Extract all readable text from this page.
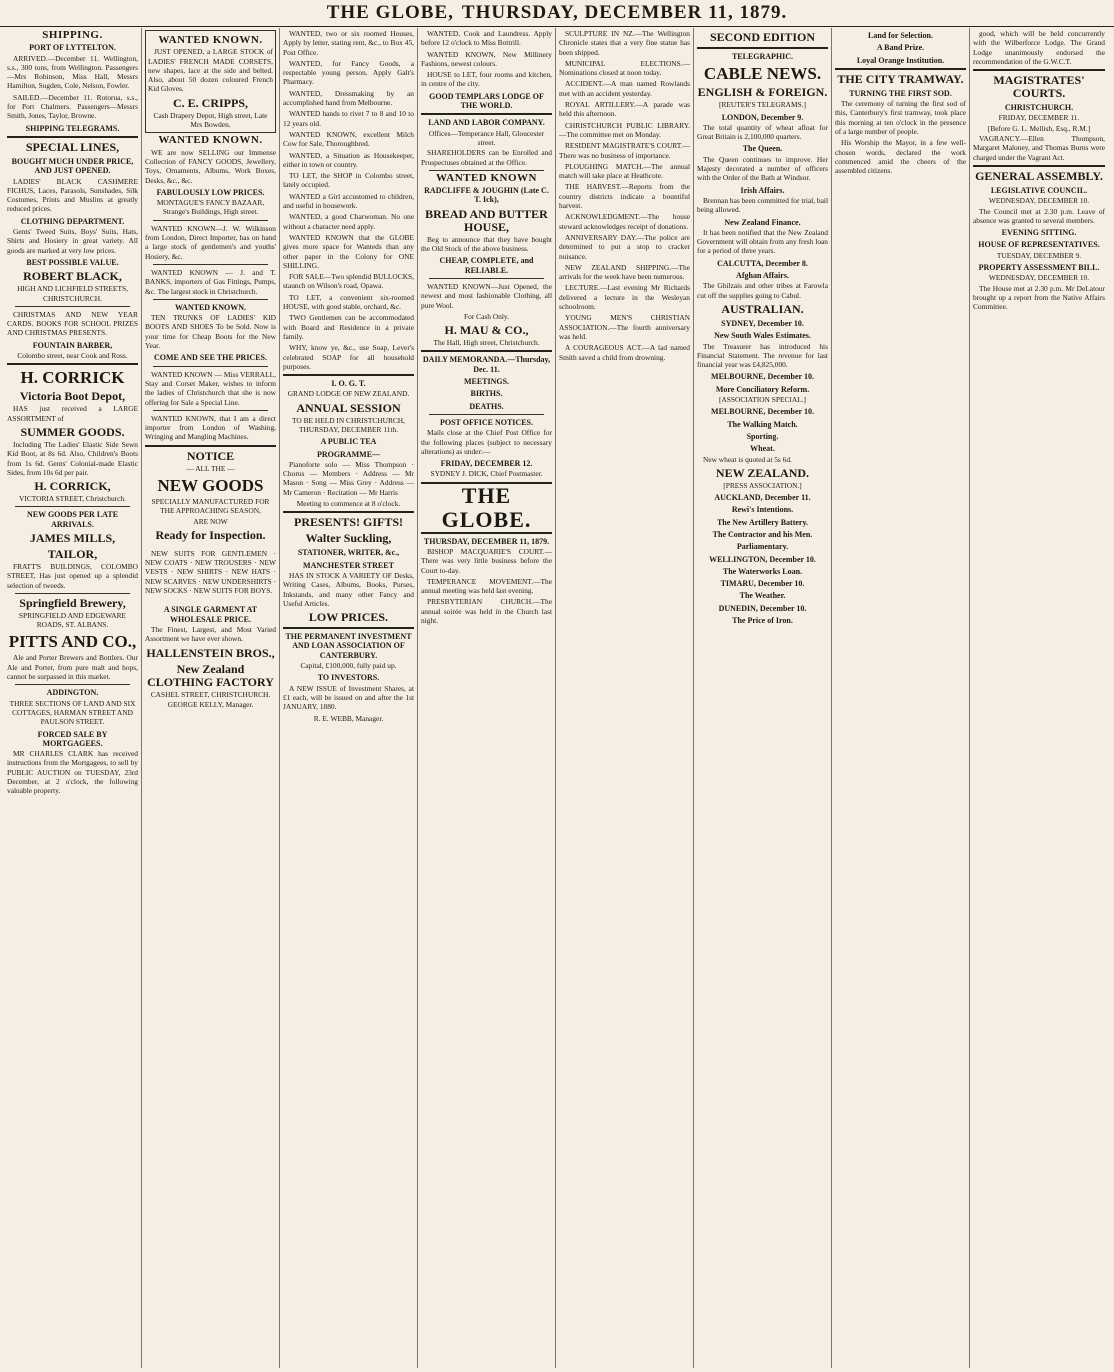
THE GLOBE, THURSDAY, DECEMBER 11, 1879.
SHIPPING.
PORT OF LYTTELTON.

ARRIVED.—December 11. Wellington, s.s., 300 tons, from Wellington. Passengers—Mrs Robinson, Miss Hall, Messrs Hamilton, Sugden, Cole, Nelson, Fowler.

SAILED.—December 11. Rotorua, s.s., for Port Chalmers. Passengers—Messrs Smith, Jones, Taylor, Browne.

SHIPPING TELEGRAMS.
SPECIAL LINES,
BOUGHT MUCH UNDER PRICE, AND JUST OPENED.

LADIES' BLACK CASHMERE FICHUS, Laces, Parasols, Sunshades, Silk Costumes, Prints and Muslins at greatly reduced prices.

CLOTHING DEPARTMENT.

Gents' Tweed Suits, Boys' Suits, Hats, Shirts and Hosiery in great variety. All goods are marked at very low prices.

BEST POSSIBLE VALUE.
ROBERT BLACK,
HIGH AND LICHFIELD STREETS, CHRISTCHURCH.

CHRISTMAS AND NEW YEAR CARDS. BOOKS FOR SCHOOL PRIZES AND CHRISTMAS PRESENTS.

FOUNTAIN BARBER,
Colombo street, near Cook and Ross.
H. CORRICK
Victoria Boot Depot,

HAS just received a LARGE ASSORTMENT of

SUMMER GOODS.

Including The Ladies' Elastic Side Sewn Kid Boot, at 8s 6d. Also, Children's Boots from 1s 6d. Gents' Colonial-made Elastic Sides, from 10s 6d per pair.

H. CORRICK,
VICTORIA STREET, Christchurch.
NEW GOODS PER LATE ARRIVALS.
JAMES MILLS,
TAILOR,

FRATT'S BUILDINGS, COLOMBO STREET, Has just opened up a splendid selection of tweeds.

Springfield Brewery,
SPRINGFIELD AND EDGEWARE ROADS, ST. ALBANS.
PITTS AND CO.,

Ale and Porter Brewers and Bottlers. Our Ale and Porter, from pure malt and hops, cannot be surpassed in this market.

ADDINGTON.
THREE SECTIONS OF LAND AND SIX COTTAGES, HARMAN STREET AND PAULSON STREET.
FORCED SALE BY MORTGAGEES.

MR CHARLES CLARK has received instructions from the Mortgagees, to sell by PUBLIC AUCTION on TUESDAY, 23rd December, at 2 o'clock, the following valuable property.

WANTED KNOWN.

JUST OPENED, a LARGE STOCK of LADIES' FRENCH MADE CORSETS, new shapes, lace at the side and belted. Also, about 50 dozen coloured French Kid Gloves.

C. E. CRIPPS,
Cash Drapery Depot, High street, Late Mrs Bowden.
WANTED KNOWN.

WE are now SELLING our Immense Collection of FANCY GOODS, Jewellery, Toys, Ornaments, Albums, Work Boxes, Desks, &c., &c.

FABULOUSLY LOW PRICES.
MONTAGUE'S FANCY BAZAAR, Strange's Buildings, High street.

WANTED KNOWN—J. W. Wilkinson from London, Direct Importer, has on hand a large stock of gentlemen's and youths' Hosiery, &c.

WANTED KNOWN — J. and T. BANKS, importers of Gas Fittings, Pumps, &c. The largest stock in Christchurch.

WANTED KNOWN.

TEN TRUNKS OF LADIES' KID BOOTS AND SHOES To be Sold. Now is your time for Cheap Boots for the New Year.

COME AND SEE THE PRICES.

WANTED KNOWN — Miss VERRALL, Stay and Corset Maker, wishes to inform the ladies of Christchurch that she is now offering for Sale a Special Line.

WANTED KNOWN, that I am a direct importer from London of Washing, Wringing and Mangling Machines.

NOTICE
— ALL THE —
NEW GOODS
SPECIALLY MANUFACTURED FOR THE APPROACHING SEASON,
ARE NOW
Ready for Inspection.

NEW SUITS FOR GENTLEMEN · NEW COATS · NEW TROUSERS · NEW VESTS · NEW SHIRTS · NEW HATS · NEW SCARVES · NEW UNDERSHIRTS · NEW SOCKS · NEW SUITS FOR BOYS.

A SINGLE GARMENT AT WHOLESALE PRICE.

The Finest, Largest, and Most Varied Assortment we have ever shown.

HALLENSTEIN BROS.,
New Zealand CLOTHING FACTORY
CASHEL STREET, CHRISTCHURCH.
GEORGE KELLY, Manager.

WANTED, two or six roomed Houses, Apply by letter, stating rent, &c., to Box 45, Post Office.

WANTED, for Fancy Goods, a respectable young person. Apply Galt's Pharmacy.

WANTED, Dressmaking by an accomplished hand from Melbourne.

WANTED hands to rivet 7 to 8 and 10 to 12 years old.

WANTED KNOWN, excellent Milch Cow for Sale, Thoroughbred.

WANTED, a Situation as Housekeeper, either in town or country.

TO LET, the SHOP in Colombo street, lately occupied.

WANTED a Girl accustomed to children, and useful in housework.

WANTED, a good Charwoman. No one without a character need apply.

WANTED KNOWN that the GLOBE gives more space for Wanteds than any other paper in the Colony for ONE SHILLING.

FOR SALE—Two splendid BULLOCKS, staunch on Wilson's road, Opawa.

TO LET, a convenient six-roomed HOUSE, with good stable, orchard, &c.

TWO Gentlemen can be accommodated with Board and Residence in a private family.

WHY, know ye, &c., use Soap, Lever's celebrated SOAP for all household purposes.

I. O. G. T.
GRAND LODGE OF NEW ZEALAND.
ANNUAL SESSION
TO BE HELD IN CHRISTCHURCH, THURSDAY, DECEMBER 11th.
A PUBLIC TEA
PROGRAMME—

Pianoforte solo — Miss Thompson · Chorus — Members · Address — Mr Mason · Song — Miss Grey · Address — Mr Cameron · Recitation — Mr Harris

Meeting to commence at 8 o'clock.
PRESENTS! GIFTS!
Walter Suckling,
STATIONER, WRITER, &c.,
MANCHESTER STREET

HAS IN STOCK A VARIETY OF Desks, Writing Cases, Albums, Books, Purses, Inkstands, and many other Fancy and Useful Articles.

LOW PRICES.
THE PERMANENT INVESTMENT AND LOAN ASSOCIATION OF CANTERBURY.
Capital, £100,000, fully paid up.
TO INVESTORS.

A NEW ISSUE of Investment Shares, at £1 each, will be issued on and after the 1st JANUARY, 1880.

R. E. WEBB, Manager.

WANTED, Cook and Laundress. Apply before 12 o'clock to Miss Bottrill.

WANTED KNOWN, New Millinery Fashions, newest colours.

HOUSE to LET, four rooms and kitchen, in centre of the city.

GOOD TEMPLARS LODGE OF THE WORLD.
LAND AND LABOR COMPANY.
Offices—Temperance Hall, Gloucester street.

SHAREHOLDERS can be Enrolled and Prospectuses obtained at the Office.

WANTED KNOWN
RADCLIFFE & JOUGHIN (Late C. T. Ick),
BREAD AND BUTTER HOUSE,

Beg to announce that they have bought the Old Stock of the above business.

CHEAP, COMPLETE, and RELIABLE.

WANTED KNOWN—Just Opened, the newest and most fashionable Clothing, all pure Wool.

For Cash Only.
H. MAU & CO.,
The Hall, High street, Christchurch.
DAILY MEMORANDA.—Thursday, Dec. 11.
MEETINGS.
BIRTHS.
DEATHS.
POST OFFICE NOTICES.

Mails close at the Chief Post Office for the following places (subject to necessary alterations) as under:—

FRIDAY, DECEMBER 12.
SYDNEY J. DICK, Chief Postmaster.
THE GLOBE.
THURSDAY, DECEMBER 11, 1879.

BISHOP MACQUARIE'S COURT.—There was very little business before the Court to-day.

TEMPERANCE MOVEMENT.—The annual meeting was held last evening.

PRESBYTERIAN CHURCH.—The annual soirée was held in the Church last night.

SCULPTURE IN NZ.—The Wellington Chronicle states that a very fine statue has been shipped.

MUNICIPAL ELECTIONS.—Nominations closed at noon today.

ACCIDENT.—A man named Rowlands met with an accident yesterday.

ROYAL ARTILLERY.—A parade was held this afternoon.

CHRISTCHURCH PUBLIC LIBRARY.—The committee met on Monday.

RESIDENT MAGISTRATE'S COURT.—There was no business of importance.

PLOUGHING MATCH.—The annual match will take place at Heathcote.

THE HARVEST.—Reports from the country districts indicate a bountiful harvest.

ACKNOWLEDGMENT.—The house steward acknowledges receipt of donations.

ANNIVERSARY DAY.—The police are determined to put a stop to cracker nuisance.

NEW ZEALAND SHIPPING.—The arrivals for the week have been numerous.

LECTURE.—Last evening Mr Richards delivered a lecture in the Wesleyan schoolroom.

YOUNG MEN'S CHRISTIAN ASSOCIATION.—The fourth anniversary was held.

A COURAGEOUS ACT.—A lad named Smith saved a child from drowning.

SECOND EDITION
TELEGRAPHIC.
CABLE NEWS.
ENGLISH & FOREIGN.
[REUTER'S TELEGRAMS.]
LONDON, December 9.

The total quantity of wheat afloat for Great Britain is 2,100,000 quarters.

The Queen.

The Queen continues to improve. Her Majesty decorated a number of officers with the Order of the Bath at Windsor.

Irish Affairs.

Brennan has been committed for trial, bail being allowed.

New Zealand Finance.

It has been notified that the New Zealand Government will obtain from any fresh loan for a period of three years.

CALCUTTA, December 8.
Afghan Affairs.

The Ghilzais and other tribes at Farowla cut off the supplies going to Cabul.

AUSTRALIAN.
SYDNEY, December 10.
New South Wales Estimates.

The Treasurer has introduced his Financial Statement. The revenue for last financial year was £4,825,000.

MELBOURNE, December 10.
More Conciliatory Reform.
[ASSOCIATION SPECIAL.]
MELBOURNE, December 10.
The Walking Match.
Sporting.
Wheat.

New wheat is quoted at 5s 6d.

NEW ZEALAND.
[PRESS ASSOCIATION.]
AUCKLAND, December 11.
Rewi's Intentions.
The New Artillery Battery.
The Contractor and his Men.
Parliamentary.
WELLINGTON, December 10.
The Waterworks Loan.
TIMARU, December 10.
The Weather.
DUNEDIN, December 10.
The Price of Iron.
Land for Selection.
A Band Prize.
Loyal Orange Institution.
THE CITY TRAMWAY.
TURNING THE FIRST SOD.

The ceremony of turning the first sod of this, Canterbury's first tramway, took place this morning at ten o'clock in the presence of a large number of people.

His Worship the Mayor, in a few well-chosen words, declared the work commenced amid the cheers of the assembled citizens.

good, which will be held concurrently with the Wilberforce Lodge. The Grand Lodge unanimously endorsed the recommendation of the G.W.C.T.

MAGISTRATES' COURTS.
CHRISTCHURCH.
FRIDAY, DECEMBER 11.
[Before G. L. Mellish, Esq., R.M.]

VAGRANCY.—Ellen Thompson, Margaret Maloney, and Thomas Burns were charged under the Vagrant Act.

GENERAL ASSEMBLY.
LEGISLATIVE COUNCIL.
WEDNESDAY, DECEMBER 10.

The Council met at 2.30 p.m. Leave of absence was granted to several members.

EVENING SITTING.
HOUSE OF REPRESENTATIVES.
TUESDAY, DECEMBER 9.
PROPERTY ASSESSMENT BILL.
WEDNESDAY, DECEMBER 10.

The House met at 2.30 p.m. Mr DeLatour brought up a report from the Native Affairs Committee.
